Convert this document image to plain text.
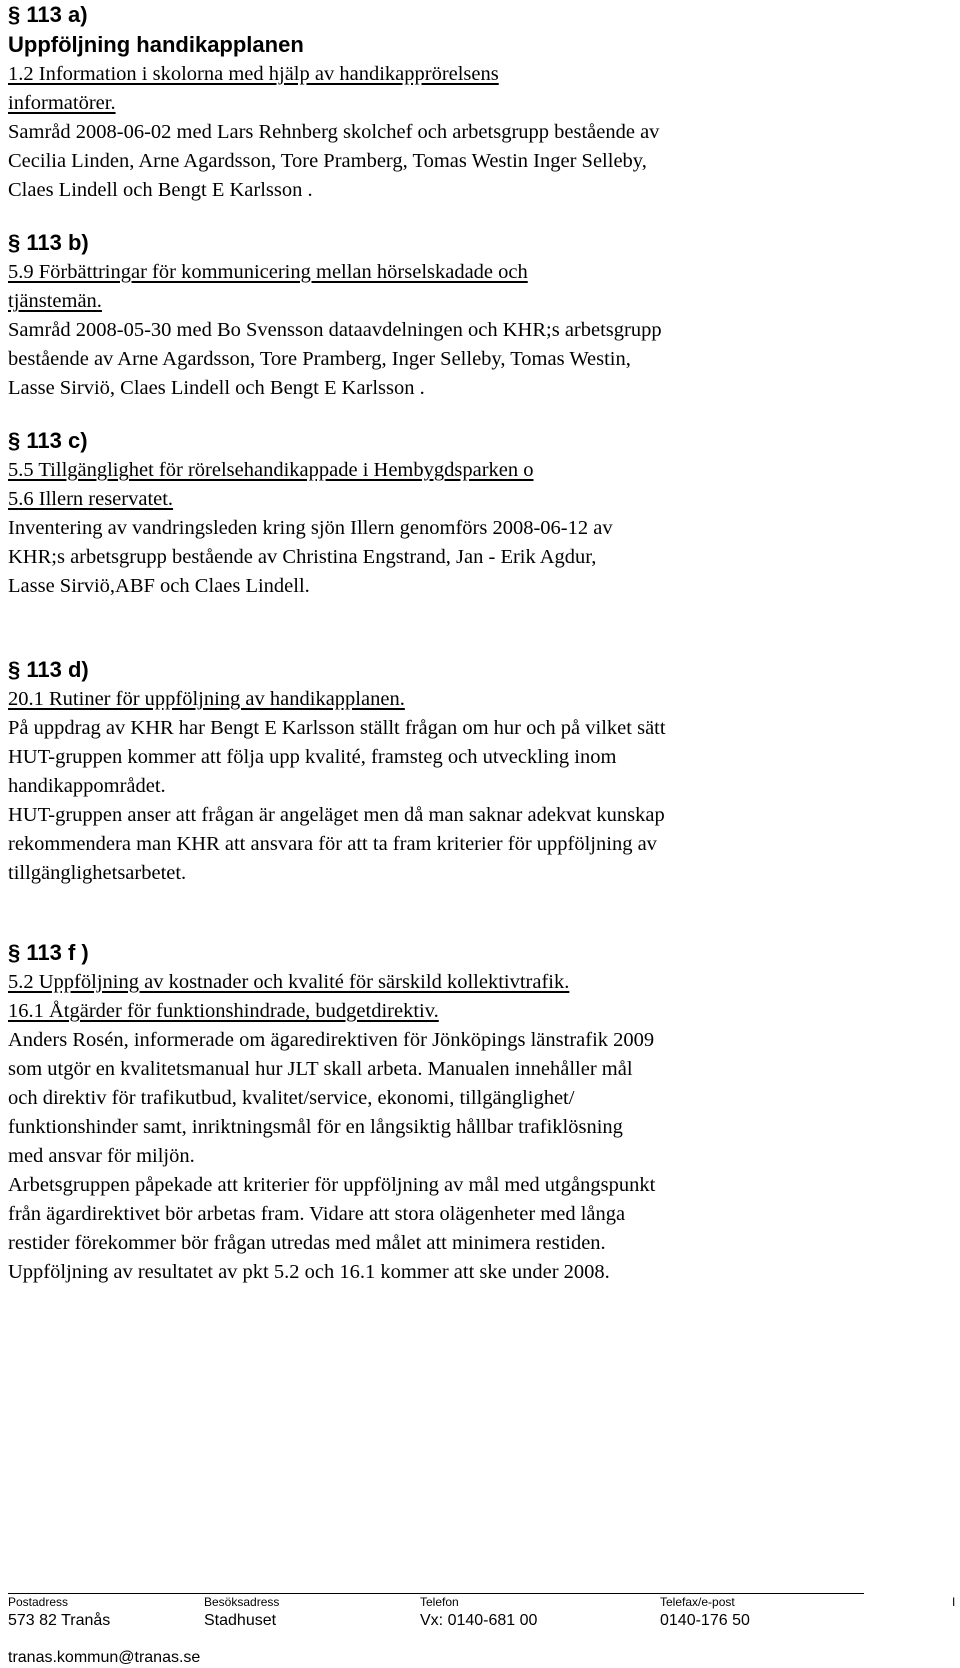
§ 113 a)

Uppföljning handikapplanen

1.2 Information i skolorna med hjälp av handikapprörelsens

informatörer.

Samråd 2008-06-02 med Lars Rehnberg skolchef och arbetsgrupp bestående av

Cecilia Linden, Arne Agardsson, Tore Pramberg, Tomas Westin Inger Selleby,

Claes Lindell och Bengt E Karlsson .

§ 113 b)

5.9 Förbättringar för kommunicering mellan hörselskadade och

tjänstemän.

Samråd 2008-05-30 med Bo Svensson dataavdelningen och KHR;s arbetsgrupp

bestående av Arne Agardsson, Tore Pramberg, Inger Selleby, Tomas Westin,

Lasse Sirviö, Claes Lindell och Bengt E Karlsson .

§ 113 c)

5.5 Tillgänglighet för rörelsehandikappade i Hembygdsparken o

5.6 Illern reservatet.

Inventering av vandringsleden kring sjön Illern genomförs 2008-06-12 av

KHR;s arbetsgrupp bestående av Christina Engstrand, Jan - Erik Agdur,

Lasse Sirviö,ABF och Claes Lindell.

§ 113 d)

20.1 Rutiner för uppföljning av handikapplanen.

På uppdrag av KHR har Bengt E Karlsson ställt frågan om hur och på vilket sätt

HUT-gruppen kommer att följa upp kvalité, framsteg och utveckling inom

handikappområdet.

HUT-gruppen anser att frågan är angeläget men då man saknar adekvat kunskap

rekommendera man KHR att ansvara för att ta fram kriterier för uppföljning av

tillgänglighetsarbetet.

§ 113 f )

5.2 Uppföljning av kostnader och kvalité för särskild kollektivtrafik.

16.1 Åtgärder för funktionshindrade, budgetdirektiv.

Anders Rosén, informerade om ägaredirektiven för Jönköpings länstrafik 2009

som utgör en kvalitetsmanual hur JLT skall arbeta. Manualen innehåller mål

och direktiv för trafikutbud, kvalitet/service, ekonomi, tillgänglighet/

funktionshinder samt, inriktningsmål för en långsiktig hållbar trafiklösning

med ansvar för miljön.

Arbetsgruppen påpekade att kriterier för uppföljning av mål med utgångspunkt

från ägardirektivet bör arbetas fram. Vidare att stora olägenheter med långa

restider förekommer bör frågan utredas med målet att minimera restiden.

Uppföljning av resultatet av pkt 5.2 och 16.1 kommer att ske under 2008.

Postadress
573 82 Tranås
Besöksadress
Stadhuset
Telefon
Vx: 0140-681 00
Telefax/e-post
0140-176 50
I
tranas.kommun@tranas.se
